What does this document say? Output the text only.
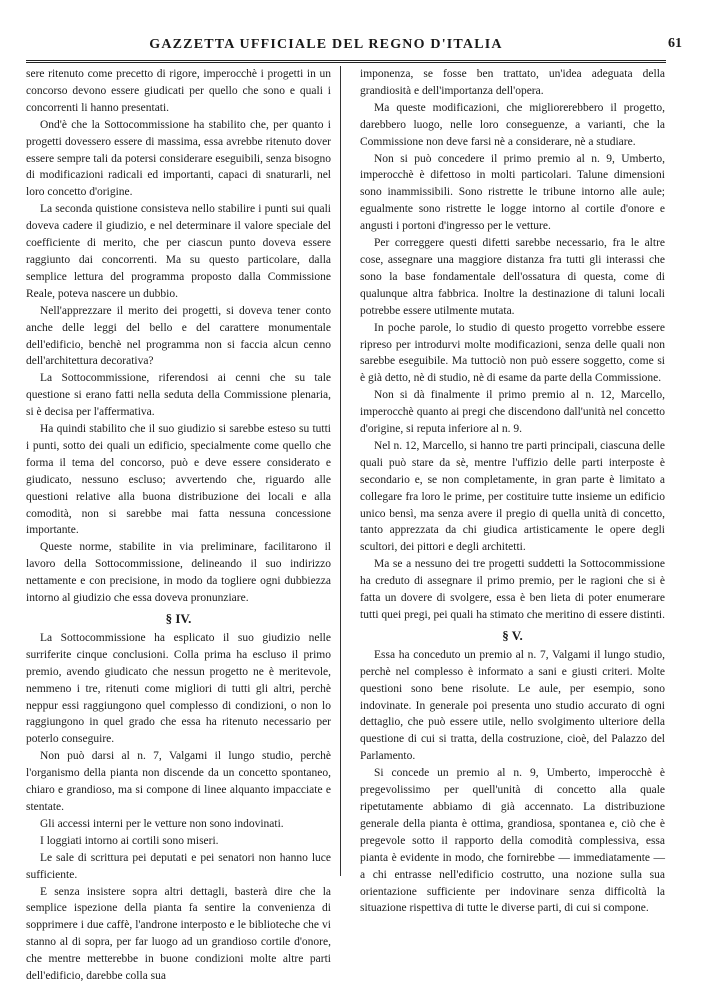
GAZZETTA UFFICIALE DEL REGNO D'ITALIA	61

sere ritenuto come precetto di rigore, imperocchè i progetti in un concorso devono essere giudicati per quello che sono e quali i concorrenti li hanno presentati.

Ond'è che la Sottocommissione ha stabilito che, per quanto i progetti dovessero essere di massima, essa avrebbe ritenuto dover essere sempre tali da potersi considerare eseguibili, senza bisogno di modificazioni radicali ed importanti, capaci di snaturarli, nel loro concetto d'origine.

La seconda quistione consisteva nello stabilire i punti sui quali doveva cadere il giudizio, e nel determinare il valore speciale del coefficiente di merito, che per ciascun punto doveva essere raggiunto dai concorrenti. Ma su questo particolare, dalla semplice lettura del programma proposto dalla Commissione Reale, poteva nascere un dubbio.

Nell'apprezzare il merito dei progetti, si doveva tener conto anche delle leggi del bello e del carattere monumentale dell'edificio, benchè nel programma non si faccia alcun cenno dell'architettura decorativa?

La Sottocommissione, riferendosi ai cenni che su tale questione si erano fatti nella seduta della Commissione plenaria, si è decisa per l'affermativa.

Ha quindi stabilito che il suo giudizio si sarebbe esteso su tutti i punti, sotto dei quali un edificio, specialmente come quello che forma il tema del concorso, può e deve essere considerato e giudicato, nessuno escluso; avvertendo che, riguardo alle questioni relative alla buona distribuzione dei locali e alla comodità, non si sarebbe mai fatta nessuna concessione importante.

Queste norme, stabilite in via preliminare, facilitarono il lavoro della Sottocommissione, delineando il suo indirizzo nettamente e con precisione, in modo da togliere ogni dubbiezza intorno al giudizio che essa doveva pronunziare.

§ IV.

La Sottocommissione ha esplicato il suo giudizio nelle surriferite cinque conclusioni. Colla prima ha escluso il primo premio, avendo giudicato che nessun progetto ne è meritevole, nemmeno i tre, ritenuti come migliori di tutti gli altri, perchè neppur essi raggiungono quel complesso di condizioni, o non lo raggiungono in quel grado che essa ha ritenuto necessario per poterlo conseguire.

Non può darsi al n. 7, Valgami il lungo studio, perchè l'organismo della pianta non discende da un concetto spontaneo, chiaro e grandioso, ma si compone di linee alquanto impacciate e stentate.

Gli accessi interni per le vetture non sono indovinati.

I loggiati intorno ai cortili sono miseri.

Le sale di scrittura pei deputati e pei senatori non hanno luce sufficiente.

E senza insistere sopra altri dettagli, basterà dire che la semplice ispezione della pianta fa sentire la convenienza di sopprimere i due caffè, l'androne interposto e le biblioteche che vi stanno al di sopra, per far luogo ad un grandioso cortile d'onore, che mentre metterebbe in buone condizioni molte altre parti dell'edificio, darebbe colla sua

imponenza, se fosse ben trattato, un'idea adeguata della grandiosità e dell'importanza dell'opera.

Ma queste modificazioni, che migliorerebbero il progetto, darebbero luogo, nelle loro conseguenze, a varianti, che la Commissione non deve farsi nè a considerare, nè a studiare.

Non si può concedere il primo premio al n. 9, Umberto, imperocchè è difettoso in molti particolari. Talune dimensioni sono inammissibili. Sono ristrette le tribune intorno alle aule; egualmente sono ristrette le logge intorno al cortile d'onore e angusti i portoni d'ingresso per le vetture.

Per correggere questi difetti sarebbe necessario, fra le altre cose, assegnare una maggiore distanza fra tutti gli interassi che sono la base fondamentale dell'ossatura di questa, come di qualunque altra fabbrica. Inoltre la destinazione di taluni locali potrebbe essere utilmente mutata.

In poche parole, lo studio di questo progetto vorrebbe essere ripreso per introdurvi molte modificazioni, senza delle quali non sarebbe eseguibile. Ma tuttociò non può essere soggetto, come si è già detto, nè di studio, nè di esame da parte della Commissione.

Non si dà finalmente il primo premio al n. 12, Marcello, imperocchè quanto ai pregi che discendono dall'unità nel concetto d'origine, si reputa inferiore al n. 9.

Nel n. 12, Marcello, si hanno tre parti principali, ciascuna delle quali può stare da sè, mentre l'uffizio delle parti interposte è secondario e, se non completamente, in gran parte è limitato a collegare fra loro le prime, per costituire tutte insieme un edificio unico bensì, ma senza avere il pregio di quella unità di concetto, tanto apprezzata da chi giudica artisticamente le opere degli scultori, dei pittori e degli architetti.

Ma se a nessuno dei tre progetti suddetti la Sottocommissione ha creduto di assegnare il primo premio, per le ragioni che si è fatta un dovere di svolgere, essa è ben lieta di poter enumerare tutti quei pregi, pei quali ha stimato che meritino di essere distinti.

§ V.

Essa ha conceduto un premio al n. 7, Valgami il lungo studio, perchè nel complesso è informato a sani e giusti criteri. Molte questioni sono bene risolute. Le aule, per esempio, sono indovinate. In generale poi presenta uno studio accurato di ogni dettaglio, che può essere utile, nello svolgimento ulteriore della questione di cui si tratta, della costruzione, cioè, del Palazzo del Parlamento.

Si concede un premio al n. 9, Umberto, imperocchè è pregevolissimo per quell'unità di concetto alla quale ripetutamente abbiamo di già accennato. La distribuzione generale della pianta è ottima, grandiosa, spontanea e, ciò che è pregevole sotto il rapporto della comodità complessiva, essa pianta è evidente in modo, che fornirebbe — immediatamente — a chi entrasse nell'edificio costrutto, una nozione sulla sua orientazione sufficiente per indovinare senza difficoltà la situazione rispettiva di tutte le diverse parti, di cui si compone.
